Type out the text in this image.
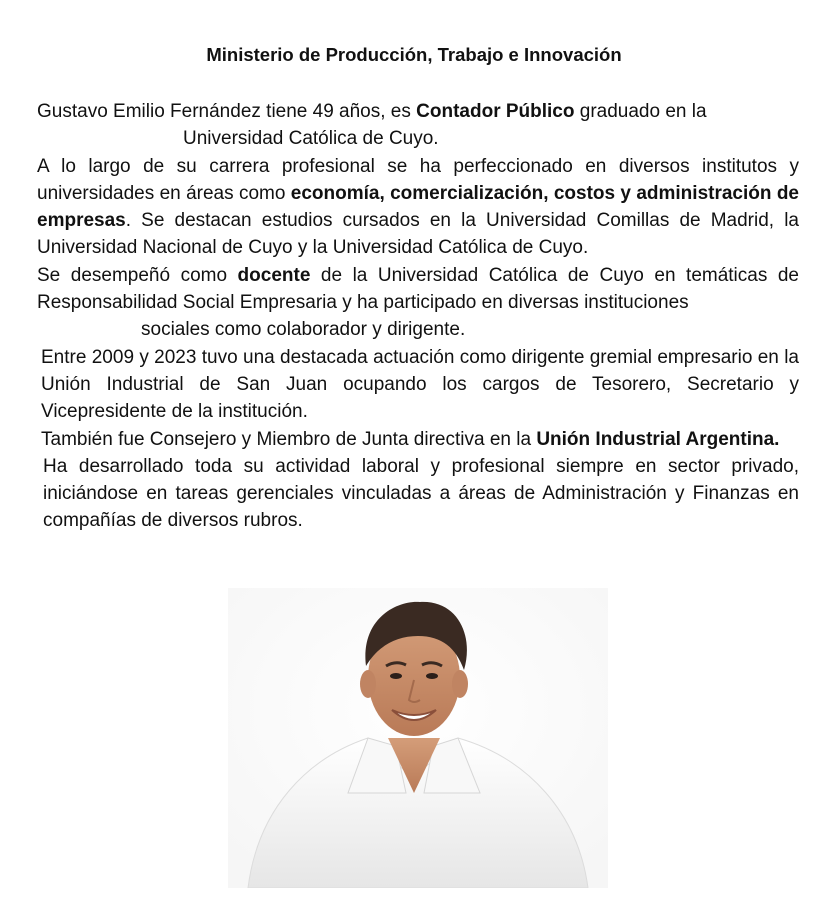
Ministerio de Producción, Trabajo e Innovación

Gustavo Emilio Fernández tiene 49 años, es Contador Público graduado en la
Universidad Católica de Cuyo.

A lo largo de su carrera profesional se ha perfeccionado en diversos institutos y universidades en áreas como economía, comercialización, costos y administración de empresas. Se destacan estudios cursados en la Universidad Comillas de Madrid, la Universidad Nacional de Cuyo y la Universidad Católica de Cuyo.

Se desempeñó como docente de la Universidad Católica de Cuyo en temáticas de Responsabilidad Social Empresaria y ha participado en diversas instituciones
sociales como colaborador y dirigente.

Entre 2009 y 2023 tuvo una destacada actuación como dirigente gremial empresario en la Unión Industrial de San Juan ocupando los cargos de Tesorero, Secretario y Vicepresidente de la institución.

También fue Consejero y Miembro de Junta directiva en la Unión Industrial Argentina.

Ha desarrollado toda su actividad laboral y profesional siempre en sector privado, iniciándose en tareas gerenciales vinculadas a áreas de Administración y Finanzas en compañías de diversos rubros.
